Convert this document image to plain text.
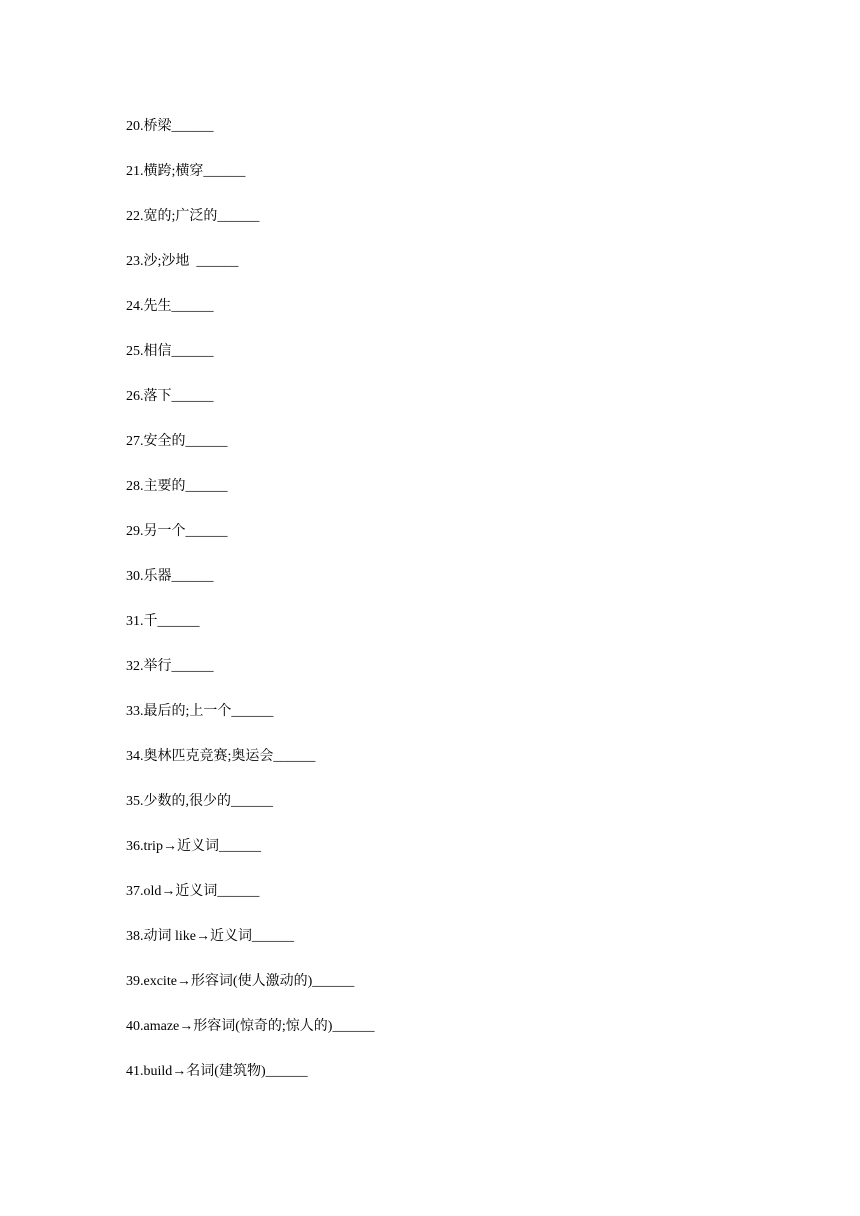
20.桥梁______
21.横跨;横穿______
22.宽的;广泛的______
23.沙;沙地  ______
24.先生______
25.相信______
26.落下______
27.安全的______
28.主要的______
29.另一个______
30.乐器______
31.千______
32.举行______
33.最后的;上一个______
34.奥林匹克竞赛;奥运会______
35.少数的,很少的______
36.trip→近义词______
37.old→近义词______
38.动词 like→近义词______
39.excite→形容词(使人激动的)______
40.amaze→形容词(惊奇的;惊人的)______
41.build→名词(建筑物)______
